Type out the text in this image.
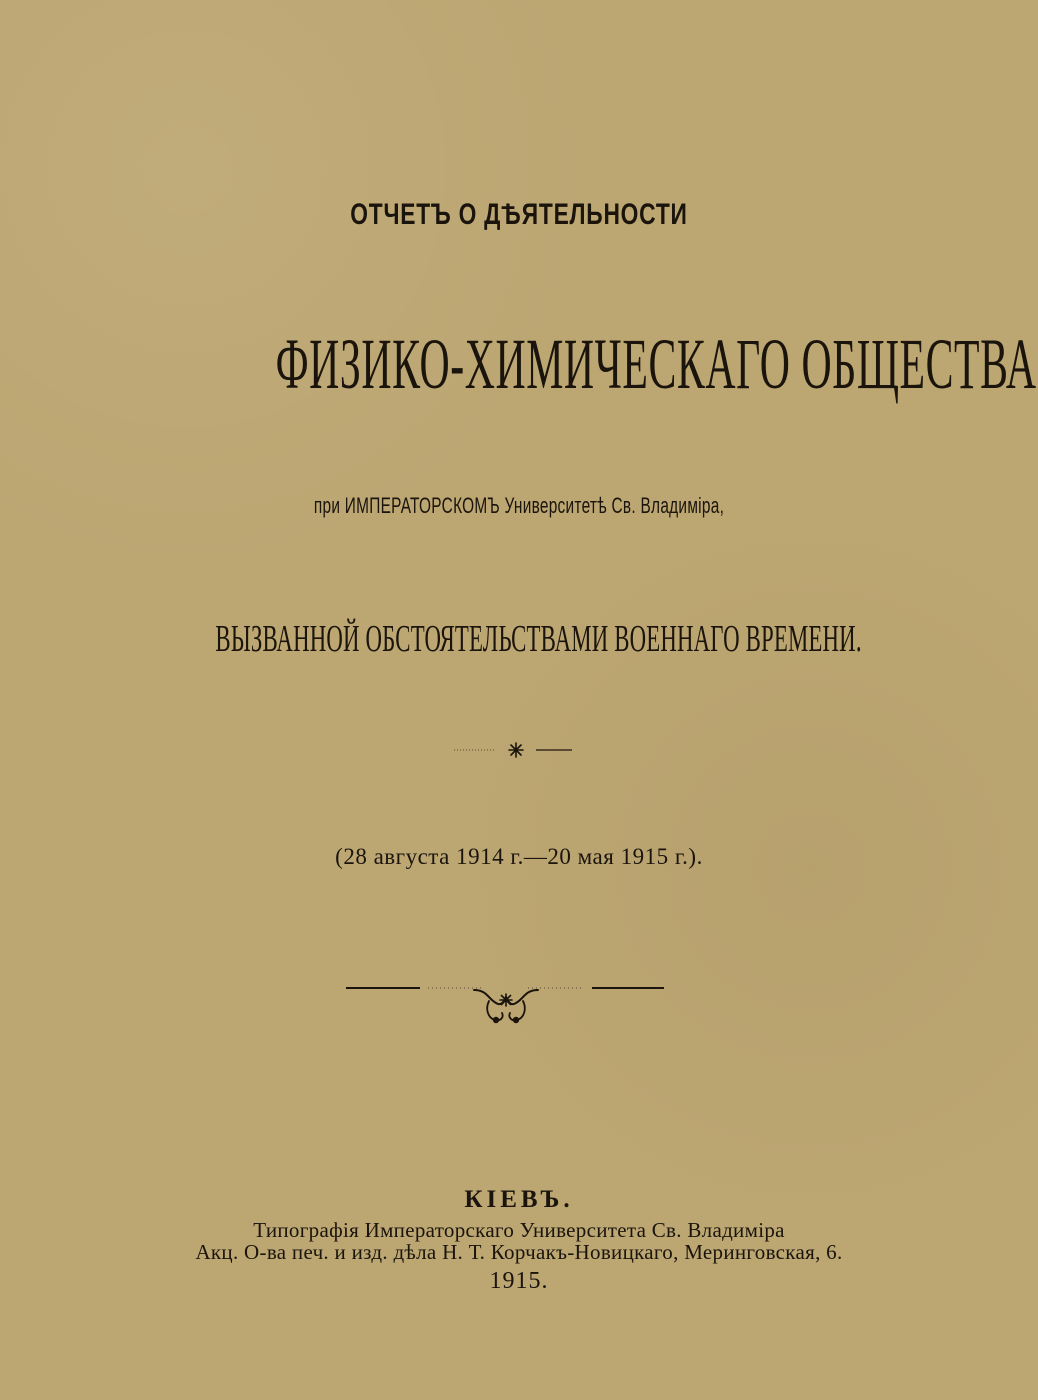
ОТЧЕТЪ О ДѢЯТЕЛЬНОСТИ
ФИЗИКО-ХИМИЧЕСКАГО ОБЩЕСТВА
при ИМПЕРАТОРСКОМЪ Университетѣ Св. Владиміра,
ВЫЗВАННОЙ ОБСТОЯТЕЛЬСТВАМИ ВОЕННАГО ВРЕМЕНИ.
(28 августа 1914 г.—20 мая 1915 г.).
КІЕВЪ.
Типографія Императорскаго Университета Св. Владиміра
Акц. О-ва печ. и изд. дѣла Н. Т. Корчакъ-Новицкаго, Меринговская, 6.
1915.
